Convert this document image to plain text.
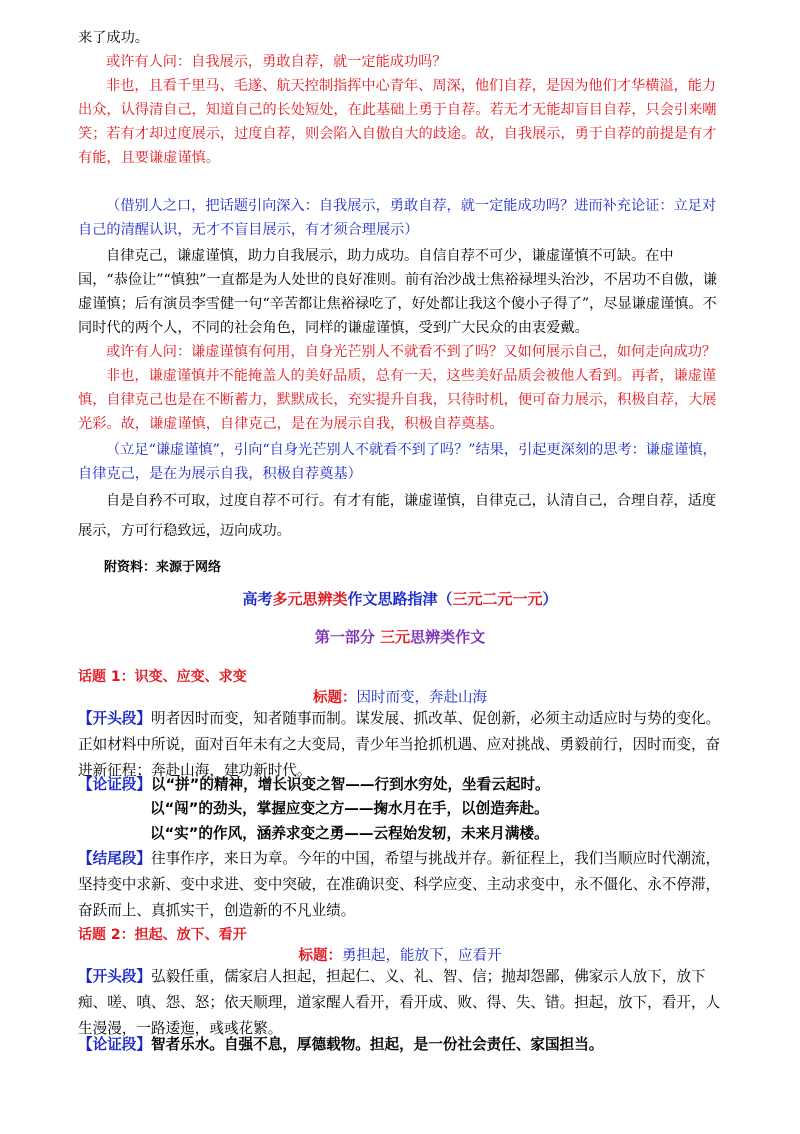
来了成功。
或许有人问：自我展示，勇敢自荐，就一定能成功吗？
非也，且看千里马、毛遂、航天控制指挥中心青年、周深，他们自荐，是因为他们才华横溢，能力出众，认得清自己，知道自己的长处短处，在此基础上勇于自荐。若无才无能却盲目自荐，只会引来嘲笑；若有才却过度展示，过度自荐，则会陷入自傲自大的歧途。故，自我展示，勇于自荐的前提是有才有能，且要谦虚谨慎。
（借别人之口，把话题引向深入：自我展示，勇敢自荐，就一定能成功吗？进而补充论证：立足对自己的清醒认识，无才不盲目展示，有才须合理展示）
自律克己，谦虚谨慎，助力自我展示，助力成功。自信自荐不可少，谦虚谨慎不可缺。在中国，“恭俭让”“慎独”一直都是为人处世的良好准则。前有治沙战士焦裕禄埋头治沙，不居功不自傲，谦虚谨慎；后有演员李雪健一句“辛苦都让焦裕禄吃了，好处都让我这个傻小子得了”，尽显谦虚谨慎。不同时代的两个人，不同的社会角色，同样的谦虚谨慎，受到广大民众的由衷爱戴。
或许有人问：谦虚谨慎有何用，自身光芒别人不就看不到了吗？又如何展示自己，如何走向成功？
非也，谦虚谨慎并不能掩盖人的美好品质，总有一天，这些美好品质会被他人看到。再者，谦虚谨慎，自律克己也是在不断蓄力，默默成长，充实提升自我，只待时机，便可奋力展示，积极自荐，大展光彩。故，谦虚谨慎，自律克己，是在为展示自我，积极自荐奠基。
（立足“谦虚谨慎”，引向“自身光芒别人不就看不到了吗？”结果，引起更深刻的思考：谦虚谨慎，自律克己，是在为展示自我，积极自荐奠基）
自是自矜不可取，过度自荐不可行。有才有能，谦虚谨慎，自律克己，认清自己，合理自荐，适度展示，方可行稳致远，迈向成功。
附资料：来源于网络
高考多元思辨类作文思路指津（三元二元一元）
第一部分 三元思辨类作文
话题 1：识变、应变、求变
标题：因时而变，奔赴山海
【开头段】明者因时而变，知者随事而制。谋发展、抓改革、促创新，必须主动适应时与势的变化。正如材料中所说，面对百年未有之大变局，青少年当抢抓机遇、应对挑战、勇毅前行，因时而变，奋进新征程；奔赴山海，建功新时代。
【论证段】以“拼”的精神，增长识变之智——行到水穷处，坐看云起时。
以“闯”的劲头，掌握应变之方——掬水月在手，以创造奔赴。
以“实”的作风，涵养求变之勇——云程始发轫，未来月满楼。
【结尾段】往事作序，来日为章。今年的中国，希望与挑战并存。新征程上，我们当顺应时代潮流，坚持变中求新、变中求进、变中突破，在准确识变、科学应变、主动求变中，永不僵化、永不停滞，奋跃而上、真抓实干，创造新的不凡业绩。
话题 2：担起、放下、看开
标题：勇担起，能放下，应看开
【开头段】弘毅任重，儒家启人担起，担起仁、义、礼、智、信；抛却怨鄙，佛家示人放下，放下痴、嗟、嗔、怨、怒；依天顺理，道家醒人看开，看开成、败、得、失、错。担起，放下，看开，人生漫漫，一路逶迤，彧彧花繁。
【论证段】智者乐水。自强不息，厚德载物。担起，是一份社会责任、家国担当。
